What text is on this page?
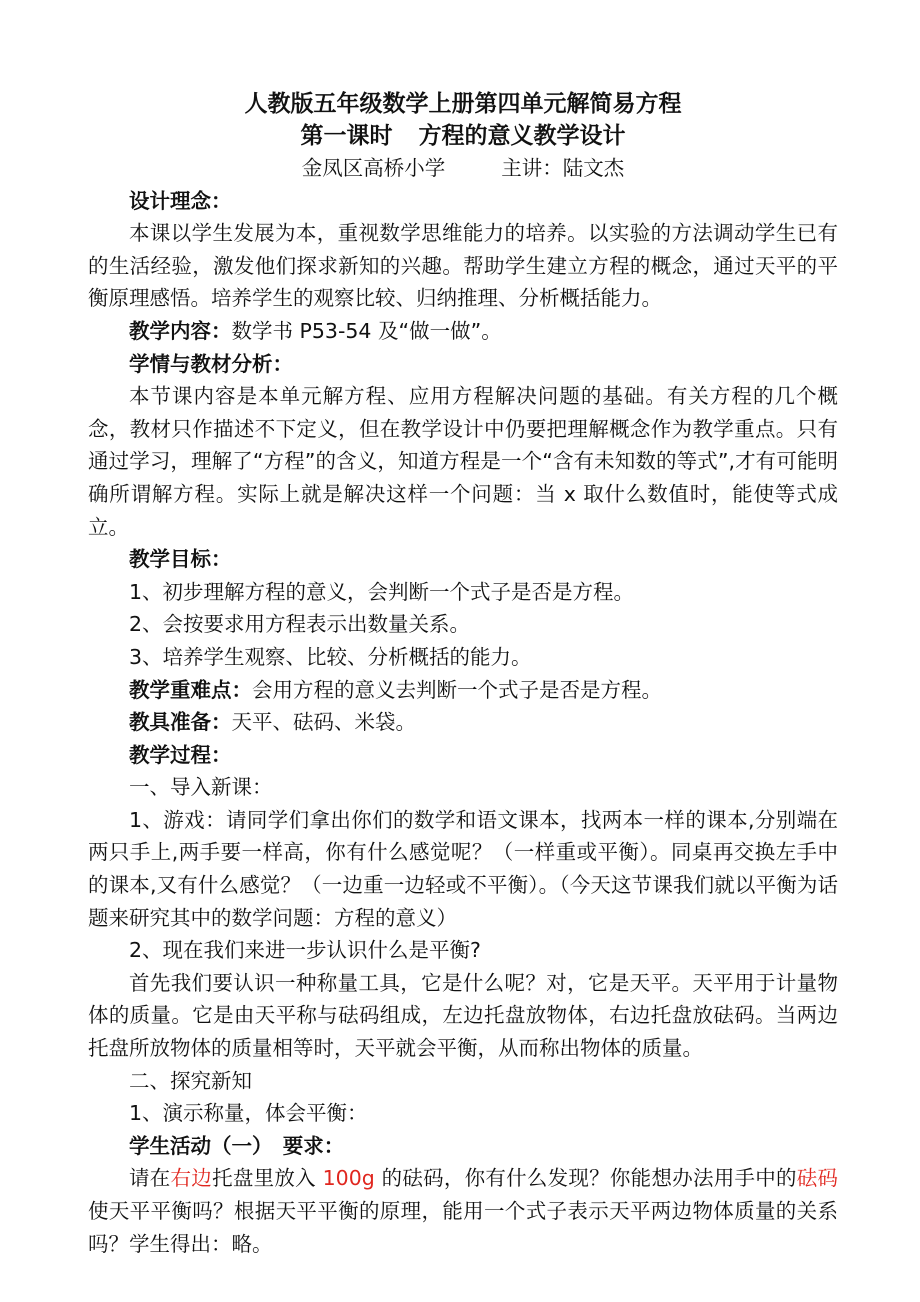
人教版五年级数学上册第四单元解简易方程

第一课时 方程的意义教学设计

金凤区高桥小学	主讲：陆文杰

设计理念：

本课以学生发展为本，重视数学思维能力的培养。以实验的方法调动学生已有的生活经验，激发他们探求新知的兴趣。帮助学生建立方程的概念，通过天平的平衡原理感悟。培养学生的观察比较、归纳推理、分析概括能力。

教学内容：数学书 P53-54 及“做一做”。

学情与教材分析：

本节课内容是本单元解方程、应用方程解决问题的基础。有关方程的几个概念，教材只作描述不下定义，但在教学设计中仍要把理解概念作为教学重点。只有通过学习，理解了“方程”的含义，知道方程是一个“含有未知数的等式”,才有可能明确所谓解方程。实际上就是解决这样一个问题：当 x 取什么数值时，能使等式成立。

教学目标：

1、初步理解方程的意义，会判断一个式子是否是方程。

2、会按要求用方程表示出数量关系。

3、培养学生观察、比较、分析概括的能力。

教学重难点：会用方程的意义去判断一个式子是否是方程。

教具准备：天平、砝码、米袋。

教学过程：

一、导入新课：

1、游戏：请同学们拿出你们的数学和语文课本，找两本一样的课本,分别端在两只手上,两手要一样高，你有什么感觉呢？（一样重或平衡）。同桌再交换左手中的课本,又有什么感觉？（一边重一边轻或不平衡）。（今天这节课我们就以平衡为话题来研究其中的数学问题：方程的意义）

2、现在我们来进一步认识什么是平衡?

首先我们要认识一种称量工具，它是什么呢？对，它是天平。天平用于计量物体的质量。它是由天平称与砝码组成，左边托盘放物体，右边托盘放砝码。当两边托盘所放物体的质量相等时，天平就会平衡，从而称出物体的质量。

二、探究新知

1、演示称量，体会平衡：

学生活动（一）　要求：

请在右边托盘里放入 100g 的砝码，你有什么发现？你能想办法用手中的砝码使天平平衡吗？根据天平平衡的原理，能用一个式子表示天平两边物体质量的关系吗？学生得出：略。
